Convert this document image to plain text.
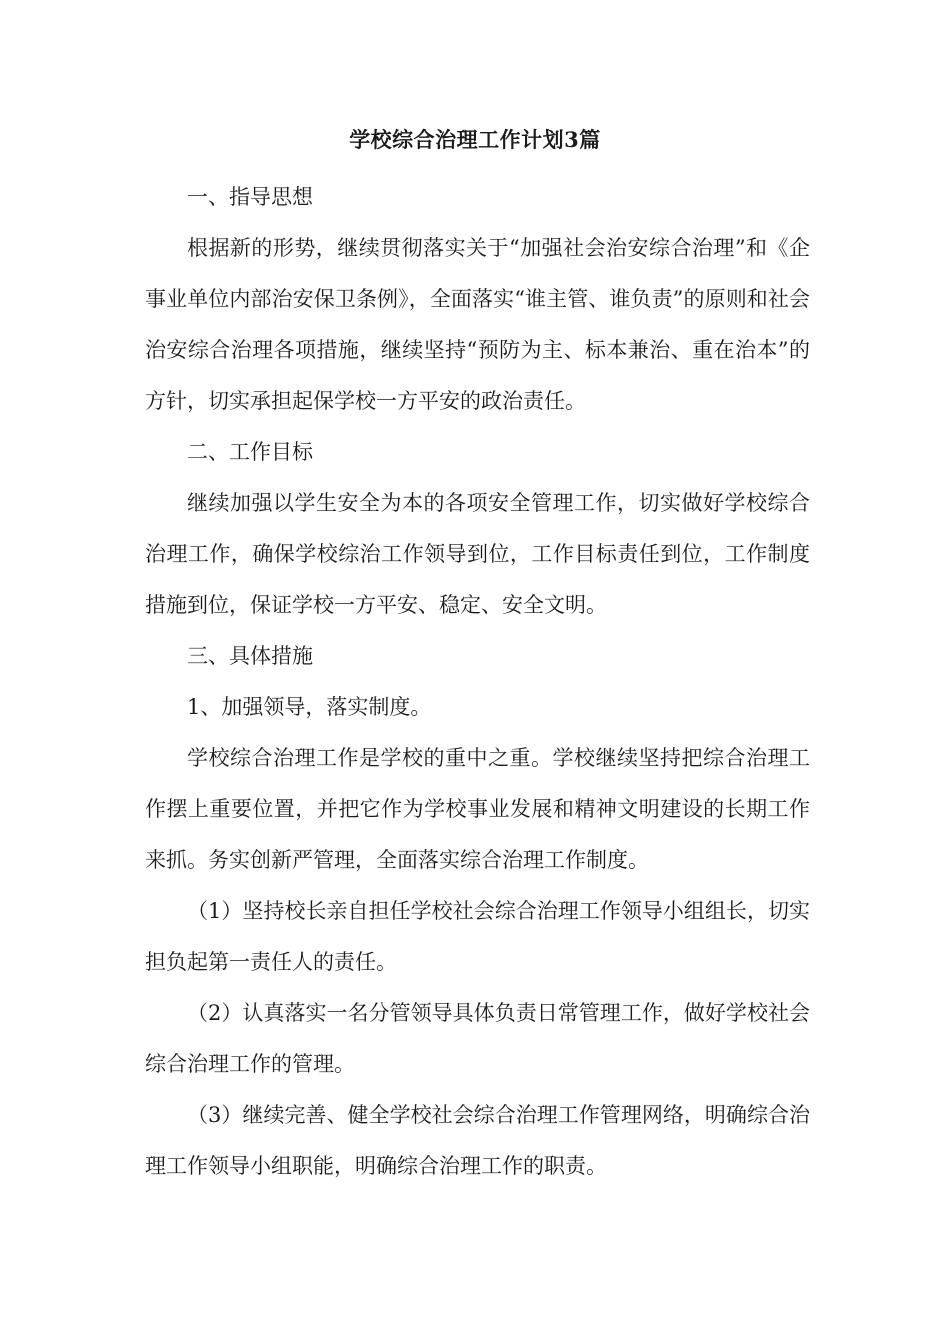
学校综合治理工作计划3篇

一、指导思想

根据新的形势，继续贯彻落实关于“加强社会治安综合治理”和《企事业单位内部治安保卫条例》，全面落实“谁主管、谁负责”的原则和社会治安综合治理各项措施，继续坚持“预防为主、标本兼治、重在治本”的方针，切实承担起保学校一方平安的政治责任。

二、工作目标

继续加强以学生安全为本的各项安全管理工作，切实做好学校综合治理工作，确保学校综治工作领导到位，工作目标责任到位，工作制度措施到位，保证学校一方平安、稳定、安全文明。

三、具体措施

1、加强领导，落实制度。

学校综合治理工作是学校的重中之重。学校继续坚持把综合治理工作摆上重要位置，并把它作为学校事业发展和精神文明建设的长期工作来抓。务实创新严管理，全面落实综合治理工作制度。

（1）坚持校长亲自担任学校社会综合治理工作领导小组组长，切实担负起第一责任人的责任。

（2）认真落实一名分管领导具体负责日常管理工作，做好学校社会综合治理工作的管理。

（3）继续完善、健全学校社会综合治理工作管理网络，明确综合治理工作领导小组职能，明确综合治理工作的职责。
